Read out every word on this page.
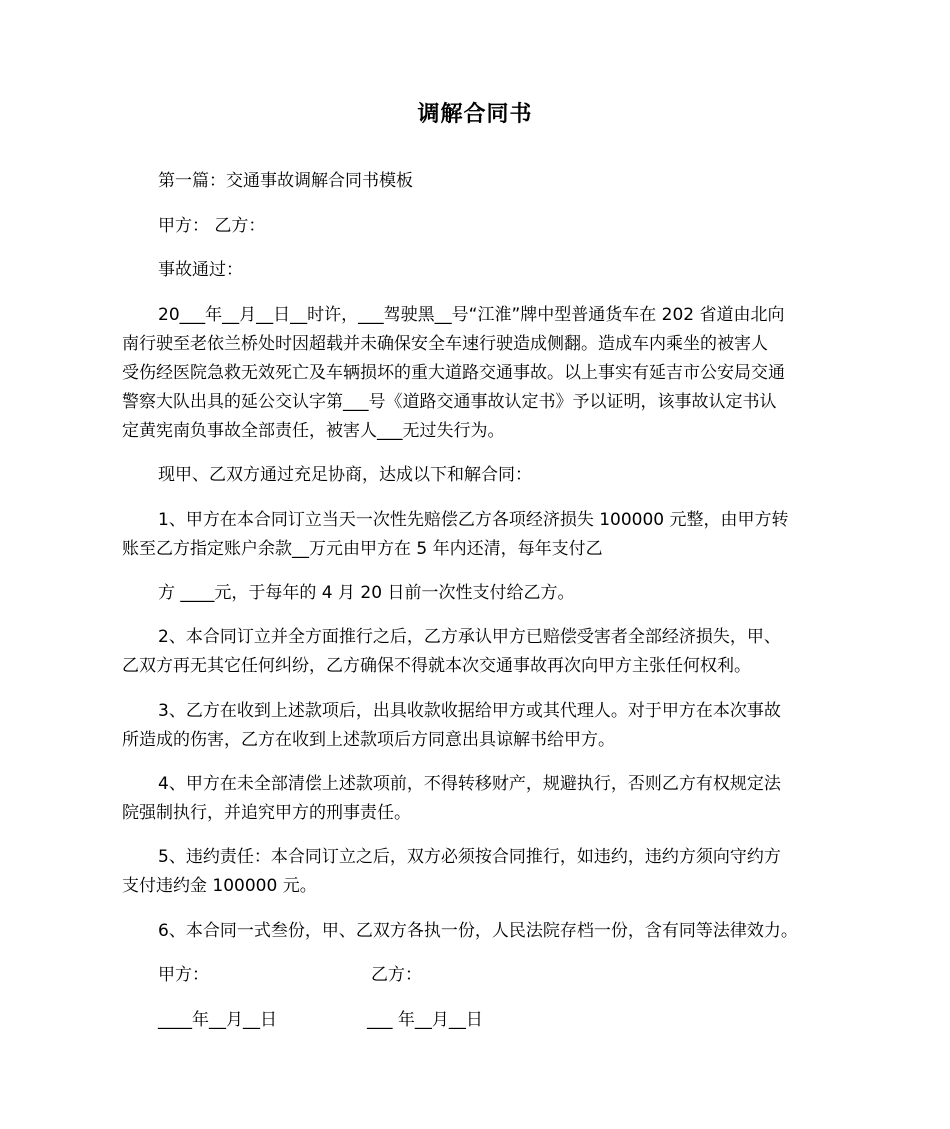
调解合同书

第一篇：交通事故调解合同书模板

甲方： 乙方：

事故通过：

20___年__月__日__时许，___驾驶黑__号“江淮”牌中型普通货车在 202 省道由北向
南行驶至老依兰桥处时因超载并未确保安全车速行驶造成侧翻。造成车内乘坐的被害人
受伤经医院急救无效死亡及车辆损坏的重大道路交通事故。以上事实有延吉市公安局交通
警察大队出具的延公交认字第___号《道路交通事故认定书》予以证明，该事故认定书认
定黄宪南负事故全部责任，被害人___无过失行为。

现甲、乙双方通过充足协商，达成以下和解合同：

1、甲方在本合同订立当天一次性先赔偿乙方各项经济损失 100000 元整，由甲方转
账至乙方指定账户余款__万元由甲方在 5 年内还清，每年支付乙

方 ____元，于每年的 4 月 20 日前一次性支付给乙方。

2、本合同订立并全方面推行之后，乙方承认甲方已赔偿受害者全部经济损失，甲、
乙双方再无其它任何纠纷，乙方确保不得就本次交通事故再次向甲方主张任何权利。
3、乙方在收到上述款项后，出具收款收据给甲方或其代理人。对于甲方在本次事故
所造成的伤害，乙方在收到上述款项后方同意出具谅解书给甲方。
4、甲方在未全部清偿上述款项前，不得转移财产，规避执行，否则乙方有权规定法
院强制执行，并追究甲方的刑事责任。
5、违约责任：本合同订立之后，双方必须按合同推行，如违约，违约方须向守约方
支付违约金 100000 元。

6、本合同一式叁份，甲、乙双方各执一份，人民法院存档一份，含有同等法律效力。

甲方：	乙方：
____年__月__日	___ 年__月__日
